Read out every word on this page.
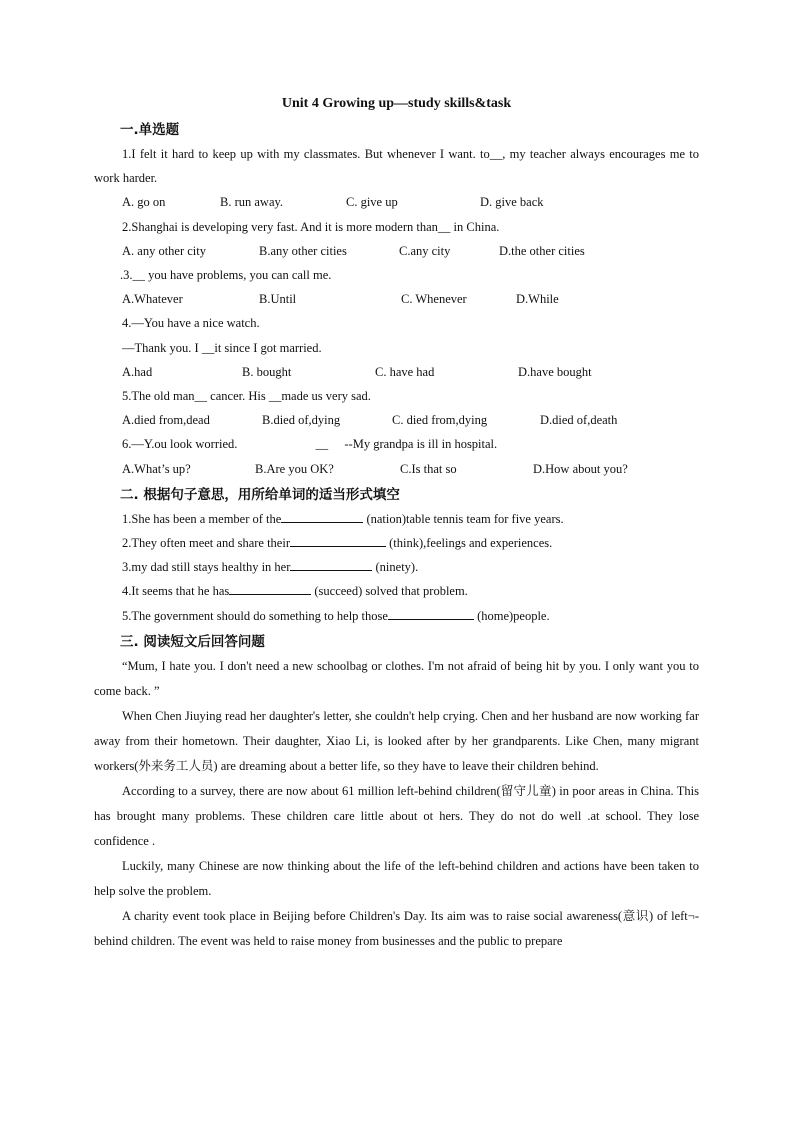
Unit 4 Growing up—study skills&task
一.单选题

1.I felt it hard to keep up with my classmates. But whenever I want. to__, my teacher always encourages me to work harder.

A. go on	B. run away.	C. give up	D. give back

2.Shanghai is developing very fast. And it is more modern than__ in China.

A. any other city	B.any other cities	C.any city	D.the other cities

.3.__ you have problems, you can call me.

A.Whatever	B.Until	C. Whenever	D.While

4.—You have a nice watch.

—Thank you. I __it since I got married.

A.had	B. bought	C. have had	D.have bought

5.The old man__ cancer. His __made us very sad.

A.died from,dead	B.died of,dying	C. died from,dying	D.died of,death

6.—Y.ou look worried.	__ --My grandpa is ill in hospital.

A.What’s up?	B.Are you OK?	C.Is that so	D.How about you?
二. 根据句子意思，用所给单词的适当形式填空

1.She has been a member of the	(nation)table tennis team for five years.

2.They often meet and share their	(think),feelings and experiences.

3.my dad still stays healthy in her	(ninety).

4.It seems that he has	(succeed) solved that problem.

5.The government should do something to help those	(home)people.

三. 阅读短文后回答问题

“Mum, I hate you. I don't need a new schoolbag or clothes. I'm not afraid of being hit by you. I only want you to come back. ”

When Chen Jiuying read her daughter's letter, she couldn't help crying. Chen and her husband are now working far away from their hometown. Their daughter, Xiao Li, is looked after by her grandparents. Like Chen, many migrant workers(外来务工人员) are dreaming about a better life, so they have to leave their children behind.

According to a survey, there are now about 61 million left-behind children(留守儿童) in poor areas in China. This has brought many problems. These children care little about ot hers. They do not do well .at school. They lose confidence .

Luckily, many Chinese are now thinking about the life of the left-behind children and actions have been taken to help solve the problem.

A charity event took place in Beijing before Children's Day. Its aim was to raise social awareness(意识) of left¬-behind children. The event was held to raise money from businesses and the public to prepare
